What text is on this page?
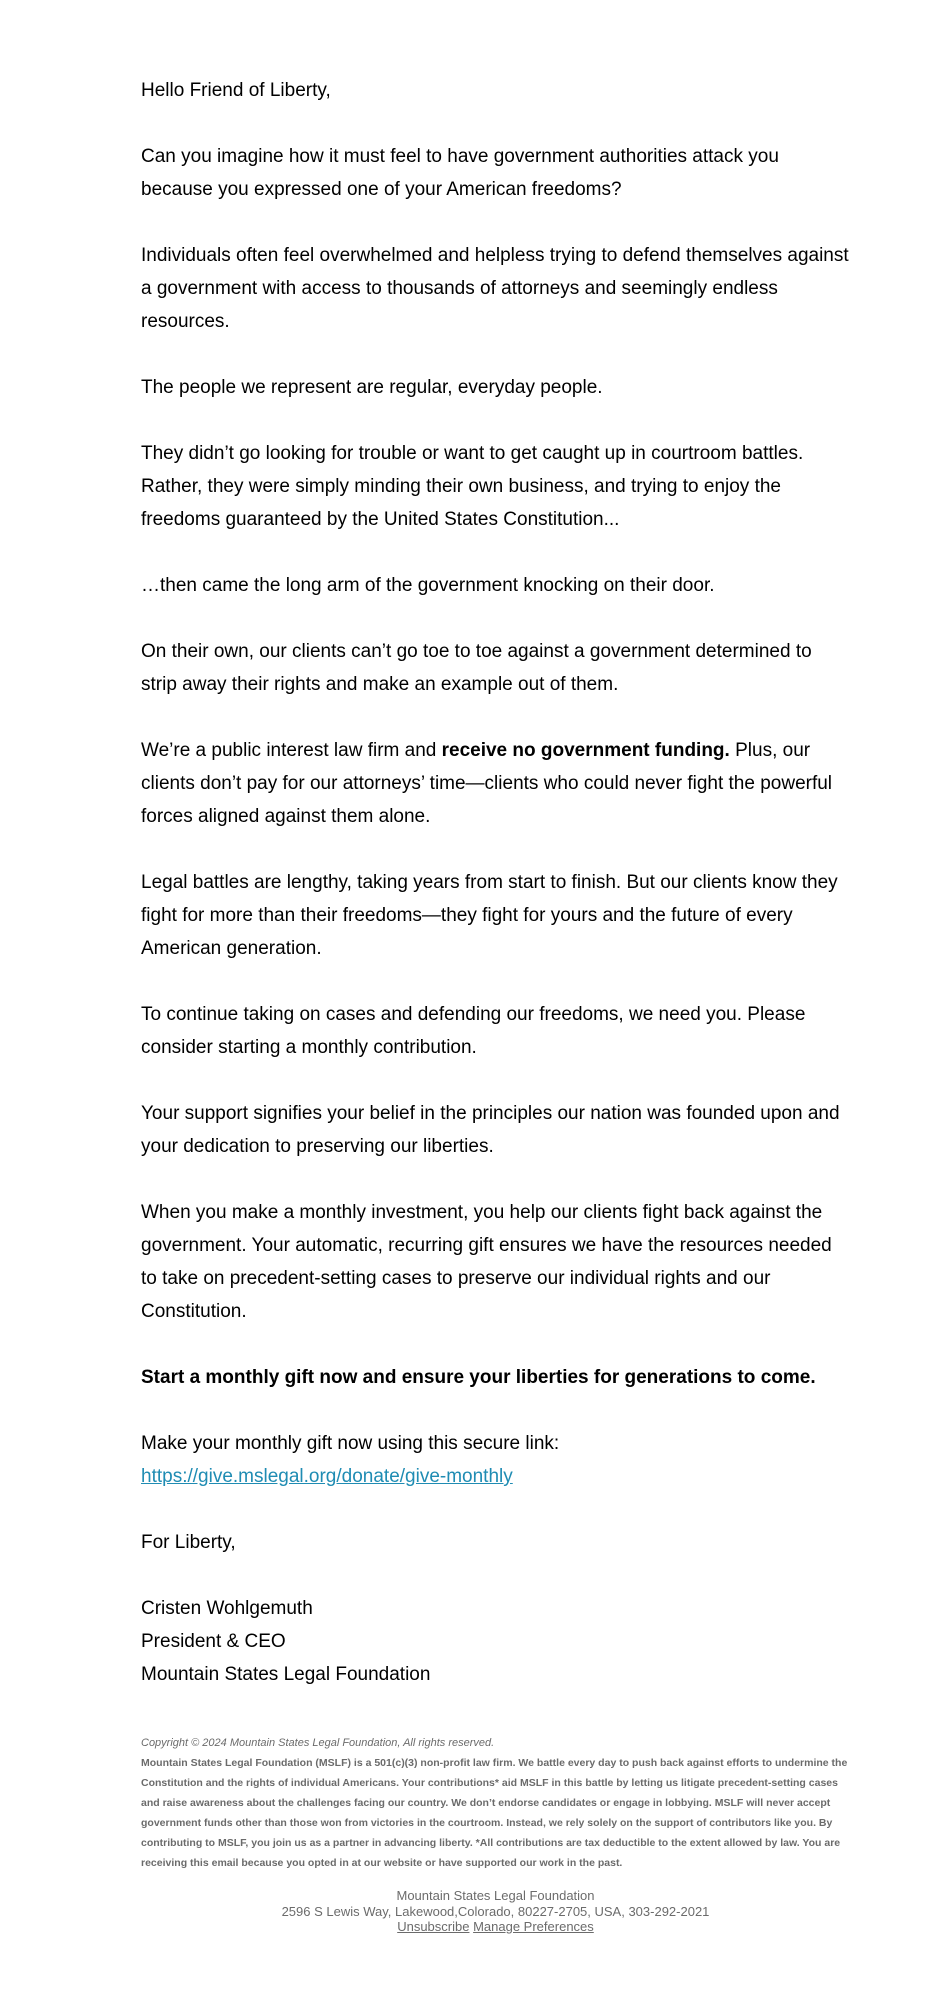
Hello Friend of Liberty,

Can you imagine how it must feel to have government authorities attack you because you expressed one of your American freedoms?

Individuals often feel overwhelmed and helpless trying to defend themselves against a government with access to thousands of attorneys and seemingly endless resources.

The people we represent are regular, everyday people.

They didn’t go looking for trouble or want to get caught up in courtroom battles. Rather, they were simply minding their own business, and trying to enjoy the freedoms guaranteed by the United States Constitution...

…then came the long arm of the government knocking on their door.

On their own, our clients can’t go toe to toe against a government determined to strip away their rights and make an example out of them.

We’re a public interest law firm and receive no government funding. Plus, our clients don’t pay for our attorneys’ time—clients who could never fight the powerful forces aligned against them alone.

Legal battles are lengthy, taking years from start to finish. But our clients know they fight for more than their freedoms—they fight for yours and the future of every American generation.

To continue taking on cases and defending our freedoms, we need you. Please consider starting a monthly contribution.

Your support signifies your belief in the principles our nation was founded upon and your dedication to preserving our liberties.

When you make a monthly investment, you help our clients fight back against the government. Your automatic, recurring gift ensures we have the resources needed to take on precedent-setting cases to preserve our individual rights and our Constitution.

Start a monthly gift now and ensure your liberties for generations to come.

Make your monthly gift now using this secure link:

https://give.mslegal.org/donate/give-monthly

For Liberty,

Cristen Wohlgemuth

President & CEO

Mountain States Legal Foundation

Copyright © 2024 Mountain States Legal Foundation, All rights reserved.

Mountain States Legal Foundation (MSLF) is a 501(c)(3) non-profit law firm. We battle every day to push back against efforts to undermine the Constitution and the rights of individual Americans. Your contributions* aid MSLF in this battle by letting us litigate precedent-setting cases and raise awareness about the challenges facing our country. We don’t endorse candidates or engage in lobbying. MSLF will never accept government funds other than those won from victories in the courtroom. Instead, we rely solely on the support of contributors like you. By contributing to MSLF, you join us as a partner in advancing liberty. *All contributions are tax deductible to the extent allowed by law. You are receiving this email because you opted in at our website or have supported our work in the past.

Mountain States Legal Foundation
2596 S Lewis Way, Lakewood,Colorado, 80227-2705, USA, 303-292-2021
Unsubscribe Manage Preferences
